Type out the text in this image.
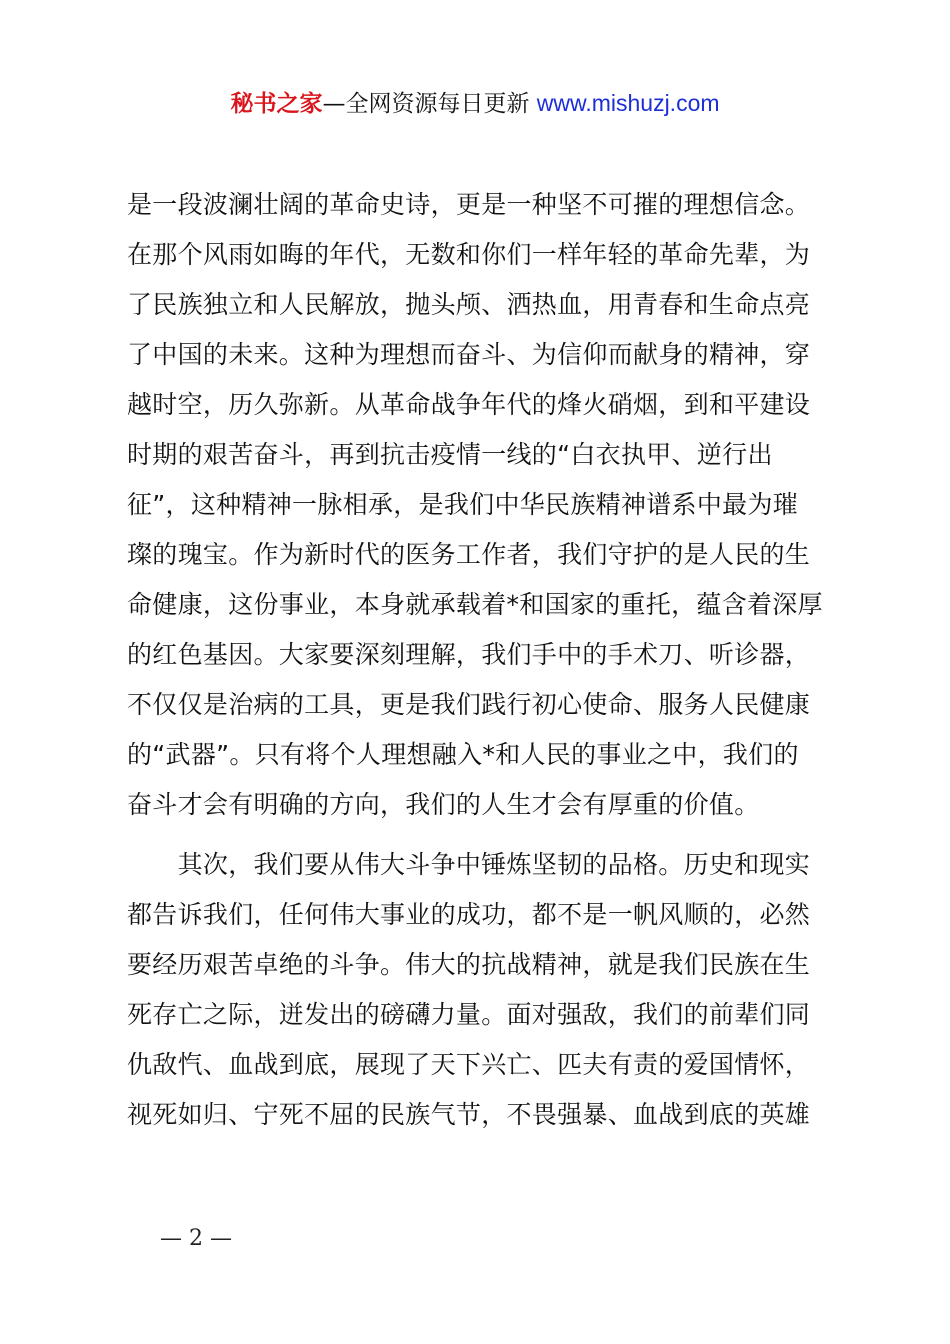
秘书之家—全网资源每日更新 www.mishuzj.com
是一段波澜壮阔的革命史诗，更是一种坚不可摧的理想信念。
在那个风雨如晦的年代，无数和你们一样年轻的革命先辈，为
了民族独立和人民解放，抛头颅、洒热血，用青春和生命点亮
了中国的未来。这种为理想而奋斗、为信仰而献身的精神，穿
越时空，历久弥新。从革命战争年代的烽火硝烟，到和平建设
时期的艰苦奋斗，再到抗击疫情一线的“白衣执甲、逆行出
征”，这种精神一脉相承，是我们中华民族精神谱系中最为璀
璨的瑰宝。作为新时代的医务工作者，我们守护的是人民的生
命健康，这份事业，本身就承载着*和国家的重托，蕴含着深厚
的红色基因。大家要深刻理解，我们手中的手术刀、听诊器，
不仅仅是治病的工具，更是我们践行初心使命、服务人民健康
的“武器”。只有将个人理想融入*和人民的事业之中，我们的
奋斗才会有明确的方向，我们的人生才会有厚重的价值。
　　其次，我们要从伟大斗争中锤炼坚韧的品格。历史和现实
都告诉我们，任何伟大事业的成功，都不是一帆风顺的，必然
要经历艰苦卓绝的斗争。伟大的抗战精神，就是我们民族在生
死存亡之际，迸发出的磅礴力量。面对强敌，我们的前辈们同
仇敌忾、血战到底，展现了天下兴亡、匹夫有责的爱国情怀，
视死如归、宁死不屈的民族气节，不畏强暴、血战到底的英雄
— 2 —
